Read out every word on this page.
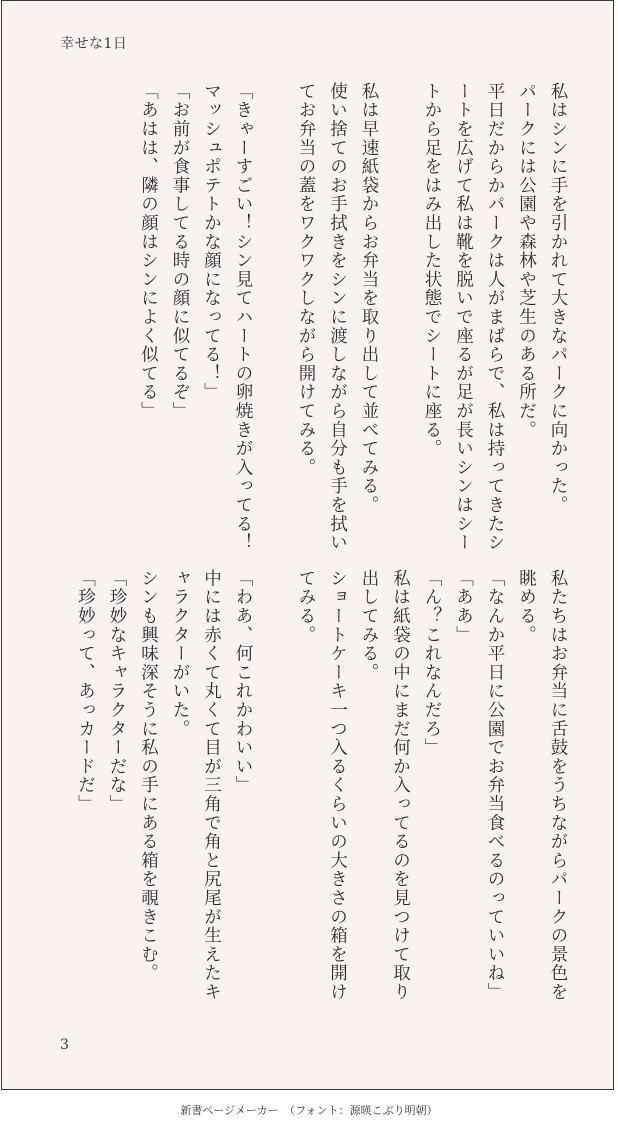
幸せな1日

私はシンに手を引かれて大きなパークに向かった。

パークには公園や森林や芝生のある所だ。

平日だからかパークは人がまばらで、私は持ってきたシートを広げて私は靴を脱いで座るが足が長いシンはシートから足をはみ出した状態でシートに座る。

私は早速紙袋からお弁当を取り出して並べてみる。

使い捨てのお手拭きをシンに渡しながら自分も手を拭いてお弁当の蓋をワクワクしながら開けてみる。

「きゃーすごい！シン見てハートの卵焼きが入ってる！マッシュポテトかな顔になってる！」

「お前が食事してる時の顔に似てるぞ」

「あはは、隣の顔はシンによく似てる」

私たちはお弁当に舌鼓をうちながらパークの景色を眺める。

「なんか平日に公園でお弁当食べるのっていいね」

「ああ」

「ん？これなんだろ」

私は紙袋の中にまだ何か入ってるのを見つけて取り出してみる。

ショートケーキ一つ入るくらいの大きさの箱を開けてみる。

「わあ、何これかわいい」

中には赤くて丸くて目が三角で角と尻尾が生えたキャラクターがいた。

シンも興味深そうに私の手にある箱を覗きこむ。

「珍妙なキャラクターだな」

「珍妙って、あっカードだ」

3
新書ページメーカー　（フォント：源暎こぶり明朝）
